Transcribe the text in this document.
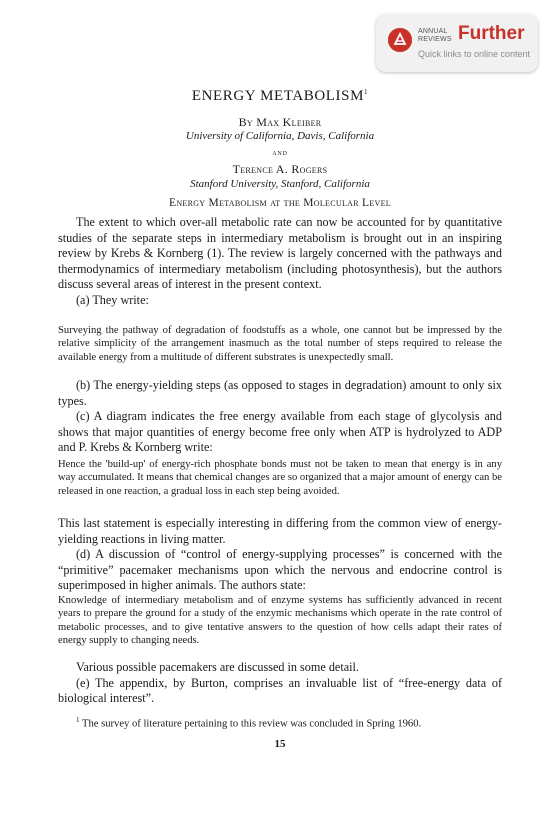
ANNUAL
REVIEWS Further
Quick links to online content
ENERGY METABOLISM$^1$
By Max Kleiber
University of California, Davis, California
and
Terence A. Rogers
Stanford University, Stanford, California
Energy Metabolism at the Molecular Level

The extent to which over-all metabolic rate can now be accounted for by quantitative studies of the separate steps in intermediary metabolism is brought out in an inspiring review by Krebs & Kornberg (1). The review is largely concerned with the pathways and thermodynamics of intermediary metabolism (including photosynthesis), but the authors discuss several areas of interest in the present context.

(a) They write:

Surveying the pathway of degradation of foodstuffs as a whole, one cannot but be impressed by the relative simplicity of the arrangement inasmuch as the total number of steps required to release the available energy from a multitude of different substrates is unexpectedly small.

(b) The energy-yielding steps (as opposed to stages in degradation) amount to only six types.

(c) A diagram indicates the free energy available from each stage of glycolysis and shows that major quantities of energy become free only when ATP is hydrolyzed to ADP and P. Krebs & Kornberg write:

Hence the 'build-up' of energy-rich phosphate bonds must not be taken to mean that energy is in any way accumulated. It means that chemical changes are so organized that a major amount of energy can be released in one reaction, a gradual loss in each step being avoided.

This last statement is especially interesting in differing from the common view of energy-yielding reactions in living matter.

(d) A discussion of “control of energy-supplying processes” is concerned with the “primitive” pacemaker mechanisms upon which the nervous and endocrine control is superimposed in higher animals. The authors state:

Knowledge of intermediary metabolism and of enzyme systems has sufficiently advanced in recent years to prepare the ground for a study of the enzymic mechanisms which operate in the rate control of metabolic processes, and to give tentative answers to the question of how cells adapt their rates of energy supply to changing needs.

Various possible pacemakers are discussed in some detail.

(e) The appendix, by Burton, comprises an invaluable list of “free-energy data of biological interest”.

$^1$ The survey of literature pertaining to this review was concluded in Spring 1960.
15
